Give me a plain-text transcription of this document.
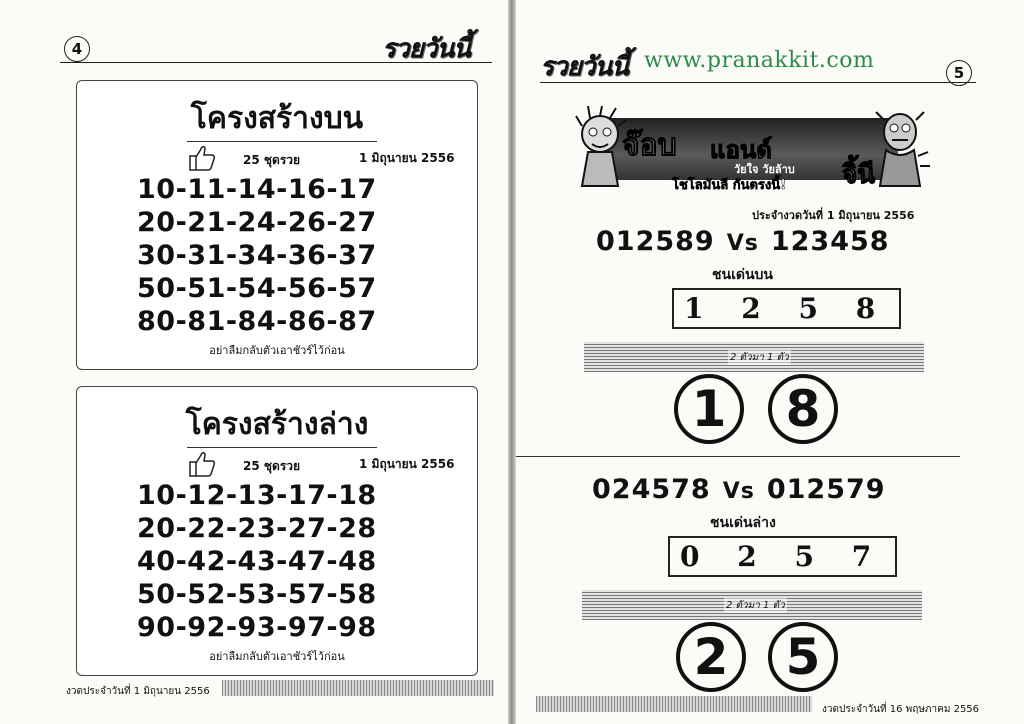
4	รวยวันนี้
โครงสร้างบน
25 ชุดรวย	1 มิถุนายน 2556
10-11-14-16-17
20-21-24-26-27
30-31-34-36-37
50-51-54-56-57
80-81-84-86-87
อย่าลืมกลับตัวเอาชัวร์ไว้ก่อน
โครงสร้างล่าง
25 ชุดรวย	1 มิถุนายน 2556
10-12-13-17-18
20-22-23-27-28
40-42-43-47-48
50-52-53-57-58
90-92-93-97-98
อย่าลืมกลับตัวเอาชัวร์ไว้ก่อน
งวดประจำวันที่ 1 มิถุนายน 2556
รวยวันนี้ www.pranakkit.com	5
จ๊อบ แอนด์
วัยใจ วัยล้าบ
โชโลมันลี กันตรงนี้! จิ้นี
ประจำงวดวันที่ 1 มิถุนายน 2556
012589 Vs 123458
ชนเด่นบน
1 2 5 8
2 ตัวมา 1 ตัว
1	8
024578 Vs 012579
ชนเด่นล่าง
0 2 5 7
2 ตัวมา 1 ตัว
2	5
งวดประจำวันที่ 16 พฤษภาคม 2556
